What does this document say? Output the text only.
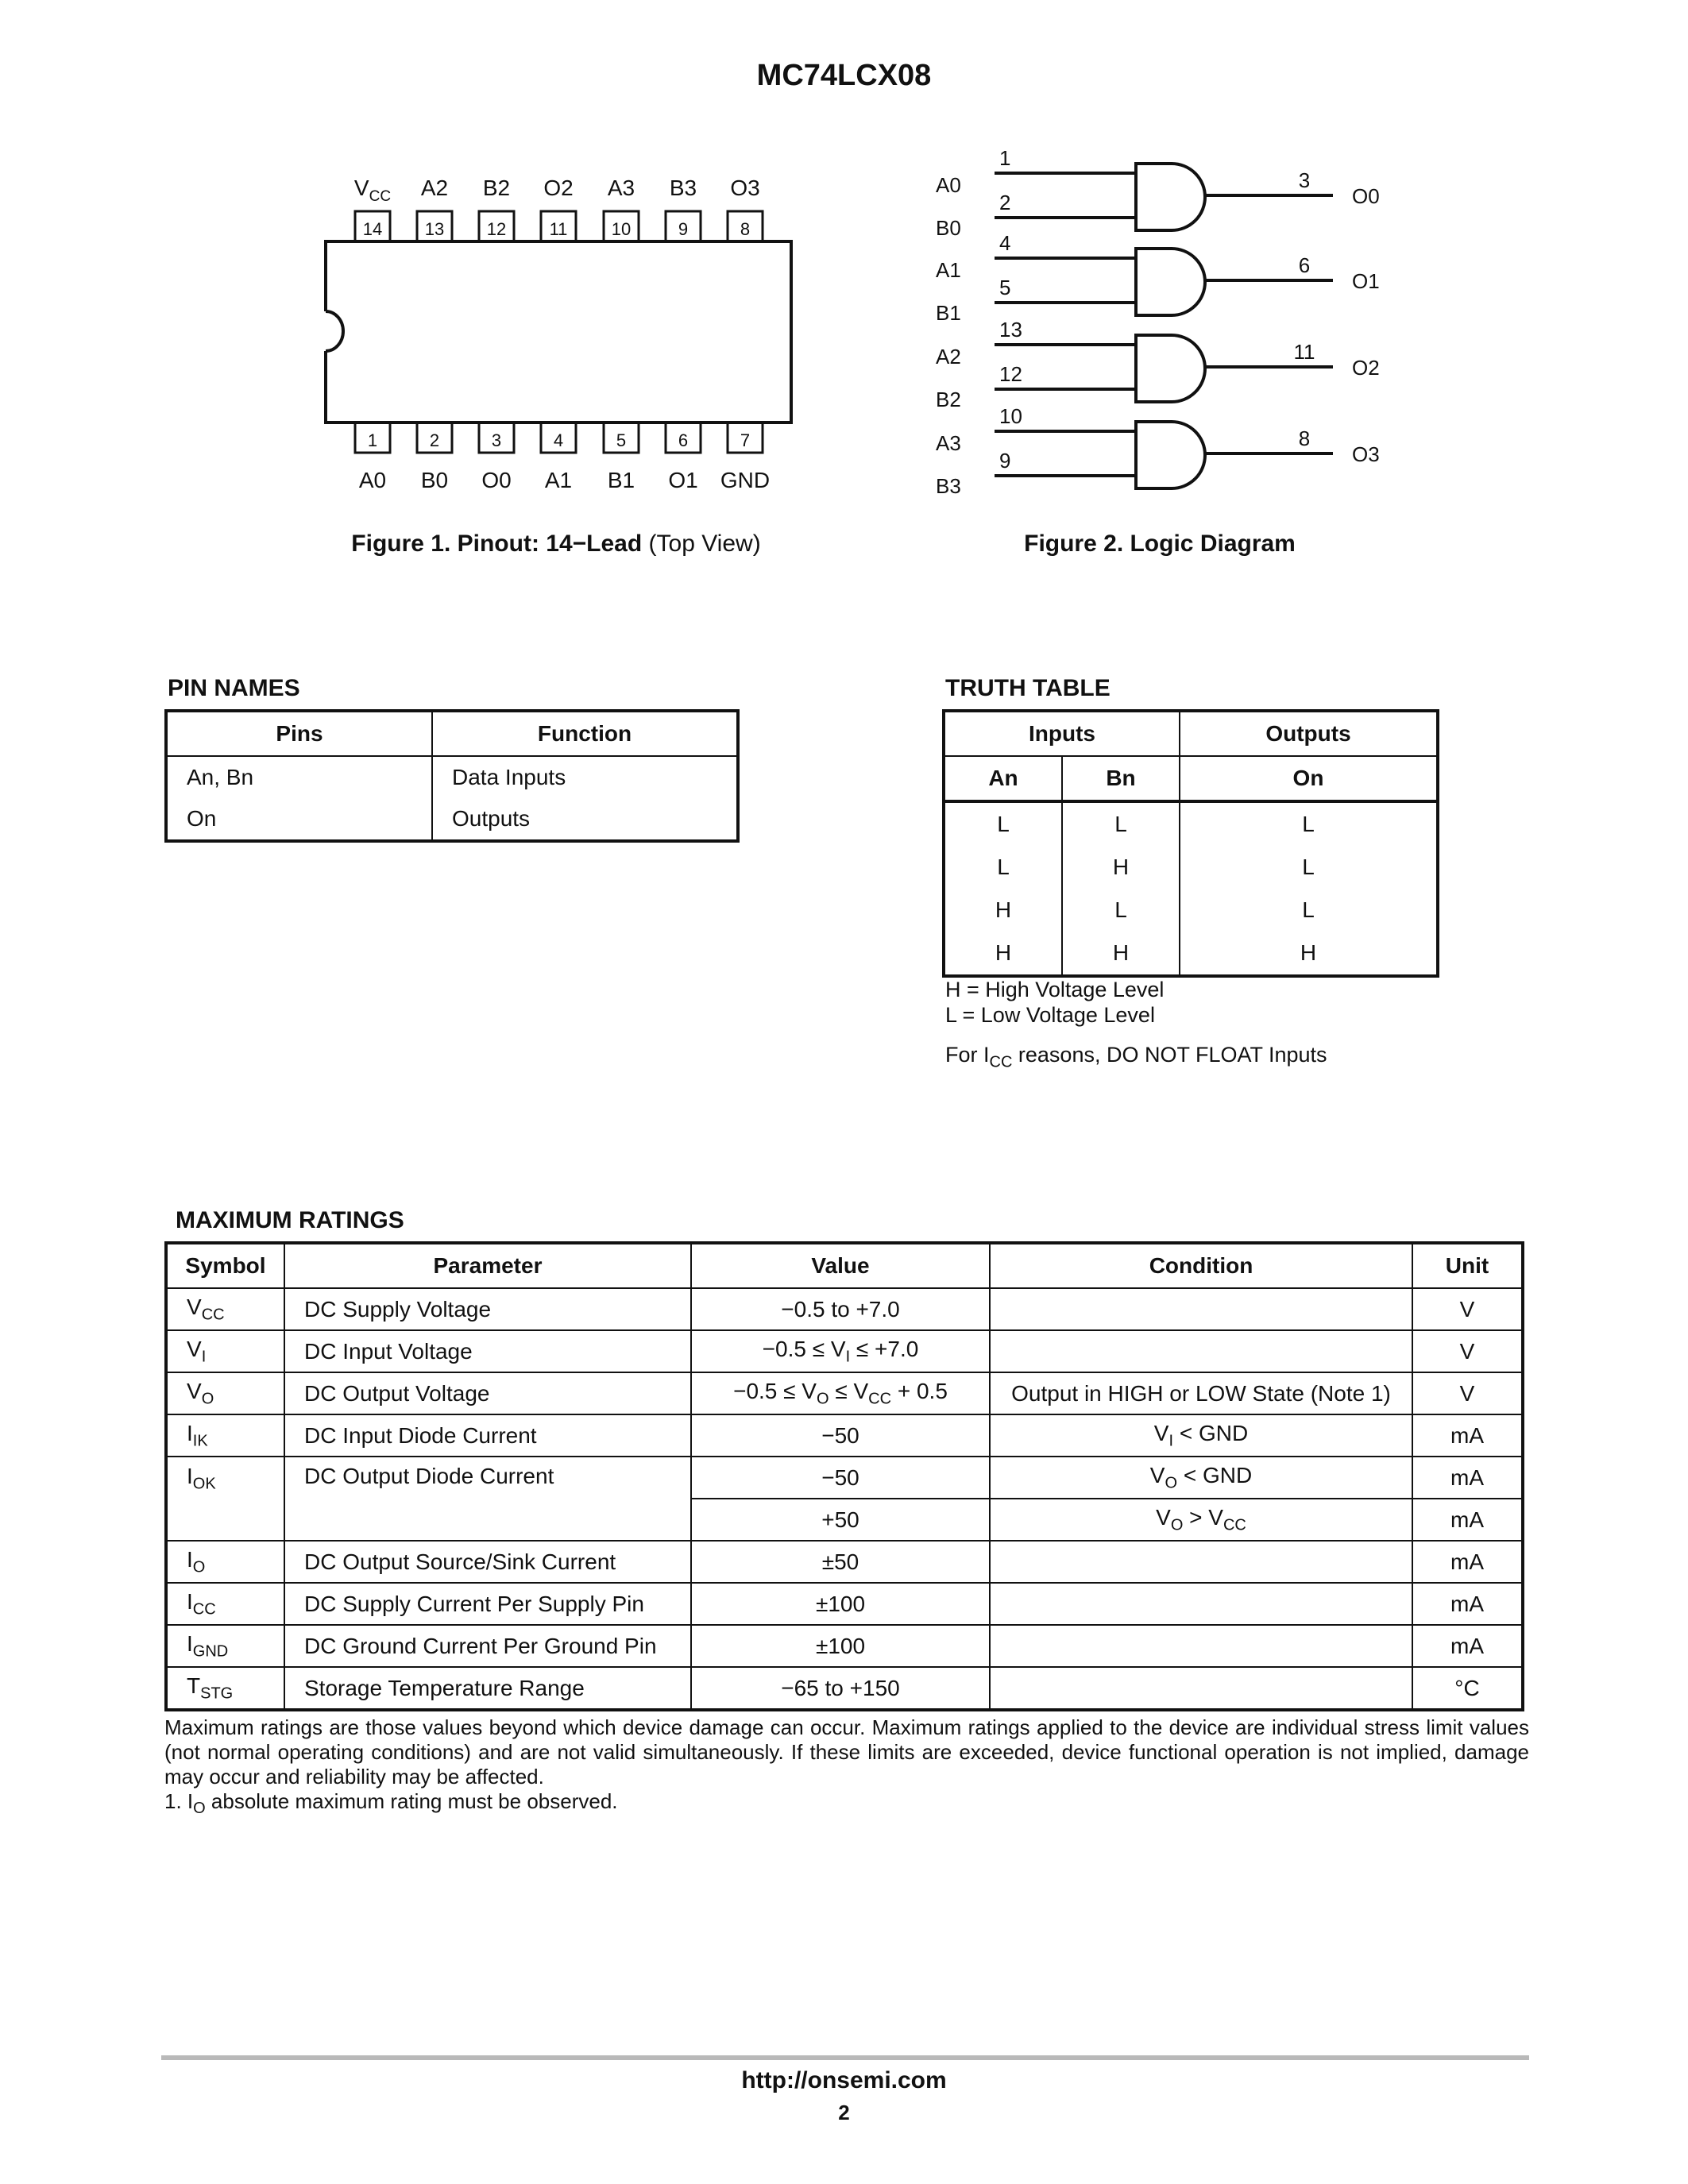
MC74LCX08
14
$V_{CC}$
13
A2
12
B2
11
O2
10
A3
9
B3
8
O3
1
A0
2
B0
3
O0
4
A1
5
B1
6
O1
7
GND
Figure 1. Pinout: 14−Lead (Top View)
A0
B0
1
2
3
O0
A1
B1
4
5
6
O1
A2
B2
13
12
11
O2
A3
B3
10
9
8
O3
Figure 2. Logic Diagram
PIN NAMES
Pins	Function
An, Bn	Data Inputs
On	Outputs
TRUTH TABLE
Inputs		Outputs
An	Bn	On
L	L	L
L	H	L
H	L	L
H	H	H
H = High Voltage Level
L = Low Voltage Level
For $I_{CC}$ reasons, DO NOT FLOAT Inputs
MAXIMUM RATINGS
Symbol	Parameter	Value	Condition	Unit
$V_{CC}$	DC Supply Voltage	−0.5 to +7.0		V
$V_I$	DC Input Voltage	$-0.5 \le V_I \le +7.0$		V
$V_O$	DC Output Voltage	$-0.5 \le V_O \le V_{CC} + 0.5$	Output in HIGH or LOW State (Note 1)	V
$I_{IK}$	DC Input Diode Current	−50	$V_I$ < GND	mA
$I_{OK}$	DC Output Diode Current	−50	$V_O$ < GND	mA
		+50	$V_O > V_{CC}$	mA
$I_O$	DC Output Source/Sink Current	±50		mA
$I_{CC}$	DC Supply Current Per Supply Pin	±100		mA
$I_{GND}$	DC Ground Current Per Ground Pin	±100		mA
$T_{STG}$	Storage Temperature Range	−65 to +150		°C
Maximum ratings are those values beyond which device damage can occur. Maximum ratings applied to the device are individual stress limit values (not normal operating conditions) and are not valid simultaneously. If these limits are exceeded, device functional operation is not implied, damage may occur and reliability may be affected.
1. $I_O$ absolute maximum rating must be observed.
http://onsemi.com
2
